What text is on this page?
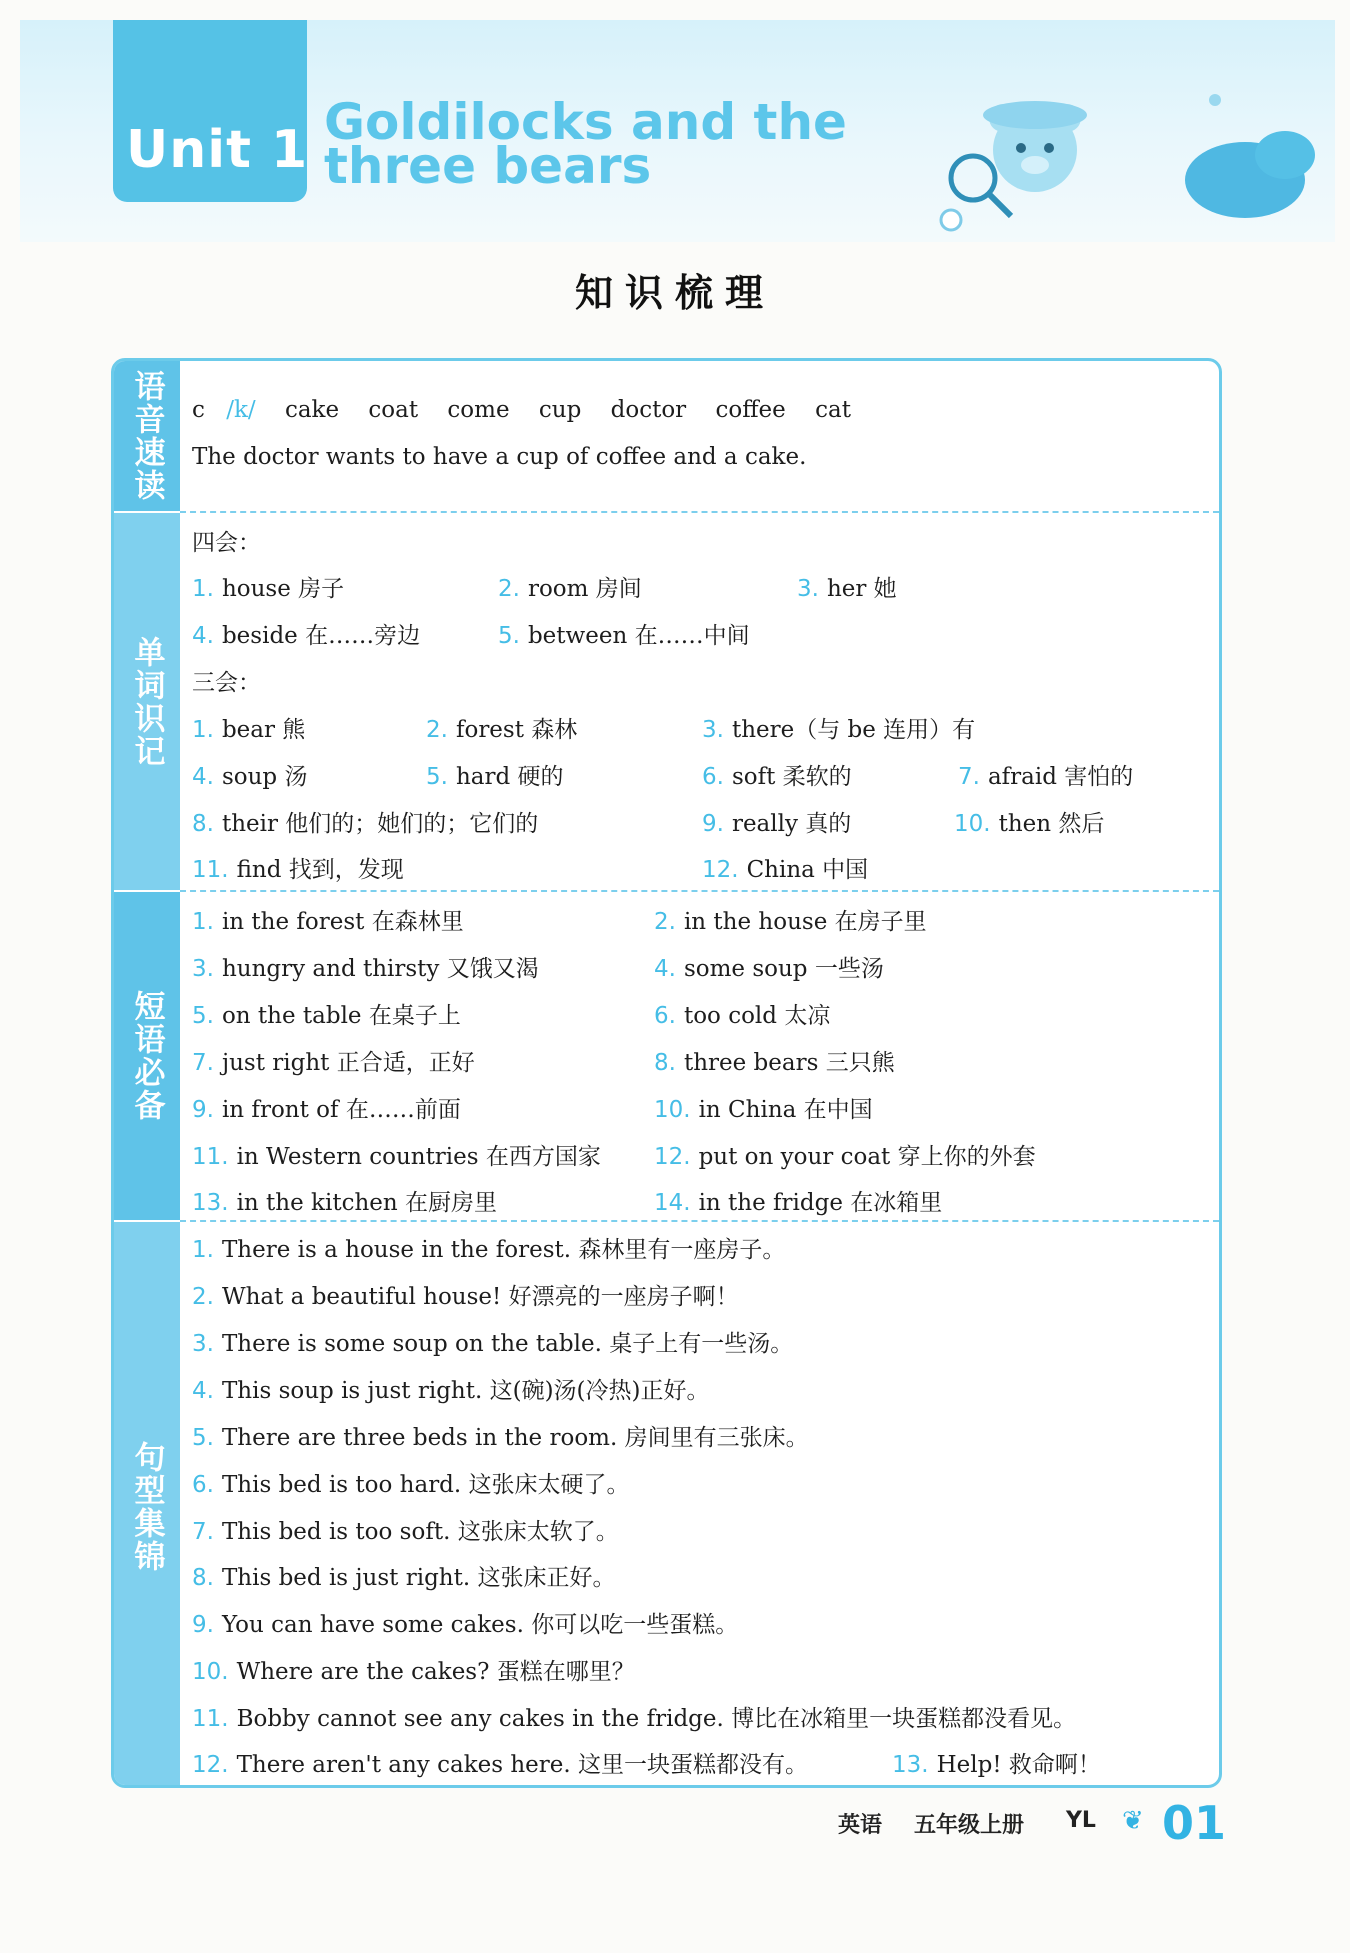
Unit 1 Goldilocks and the
three bears
知识梳理
语音速读
单词识记
短语必备
句型集锦
c /k/ cake coat come cup doctor coffee cat
The doctor wants to have a cup of coffee and a cake.
四会：
1. house 房子	2. room 房间	3. her 她
4. beside 在……旁边	5. between 在……中间
三会：
1. bear 熊	2. forest 森林	3. there（与 be 连用）有
4. soup 汤	5. hard 硬的	6. soft 柔软的	7. afraid 害怕的
8. their 他们的；她们的；它们的	9. really 真的	10. then 然后
11. find 找到，发现	12. China 中国
1. in the forest 在森林里	2. in the house 在房子里
3. hungry and thirsty 又饿又渴	4. some soup 一些汤
5. on the table 在桌子上	6. too cold 太凉
7. just right 正合适，正好	8. three bears 三只熊
9. in front of 在……前面	10. in China 在中国
11. in Western countries 在西方国家 12. put on your coat 穿上你的外套
13. in the kitchen 在厨房里	14. in the fridge 在冰箱里
1. There is a house in the forest. 森林里有一座房子。
2. What a beautiful house! 好漂亮的一座房子啊！
3. There is some soup on the table. 桌子上有一些汤。
4. This soup is just right. 这(碗)汤(冷热)正好。
5. There are three beds in the room. 房间里有三张床。
6. This bed is too hard. 这张床太硬了。
7. This bed is too soft. 这张床太软了。
8. This bed is just right. 这张床正好。
9. You can have some cakes. 你可以吃一些蛋糕。
10. Where are the cakes? 蛋糕在哪里？
11. Bobby cannot see any cakes in the fridge. 博比在冰箱里一块蛋糕都没看见。
12. There aren't any cakes here. 这里一块蛋糕都没有。	13. Help! 救命啊！
英语 五年级上册 YL ❦ 01
